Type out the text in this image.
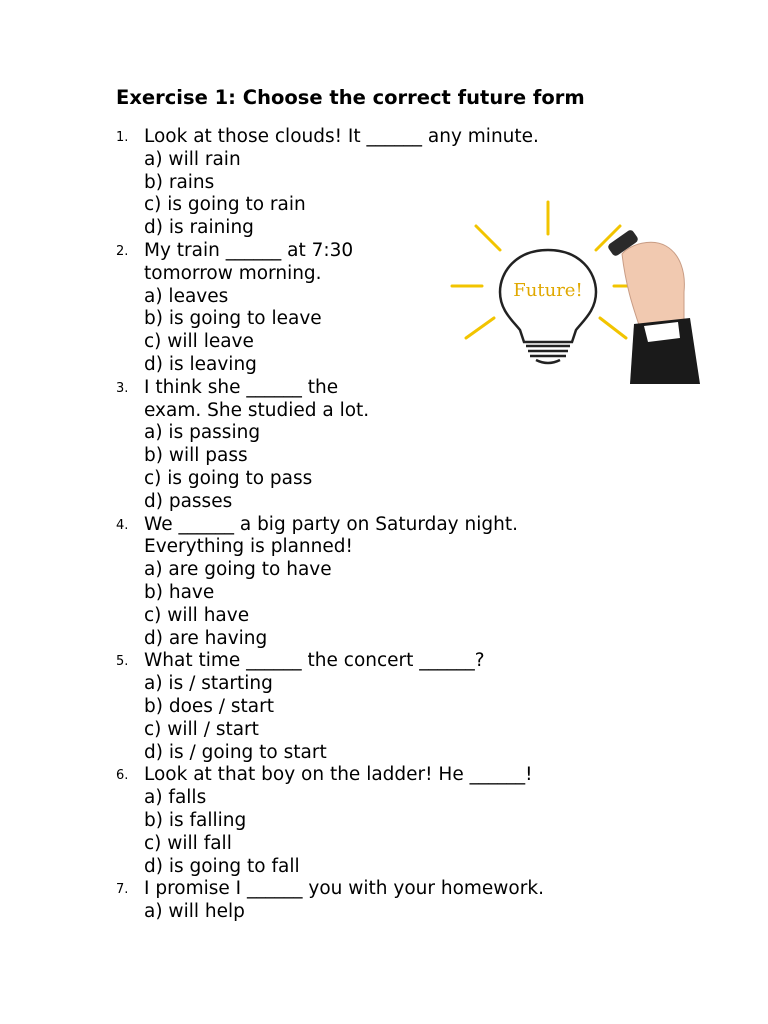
Exercise 1: Choose the correct future form
Future!
1. Look at those clouds! It ______ any minute.
a) will rain
b) rains
c) is going to rain
d) is raining
2. My train ______ at 7:30
tomorrow morning.
a) leaves
b) is going to leave
c) will leave
d) is leaving
3. I think she ______ the
exam. She studied a lot.
a) is passing
b) will pass
c) is going to pass
d) passes
4. We ______ a big party on Saturday night.
Everything is planned!
a) are going to have
b) have
c) will have
d) are having
5. What time ______ the concert ______?
a) is / starting
b) does / start
c) will / start
d) is / going to start
6. Look at that boy on the ladder! He ______!
a) falls
b) is falling
c) will fall
d) is going to fall
7. I promise I ______ you with your homework.
a) will help
